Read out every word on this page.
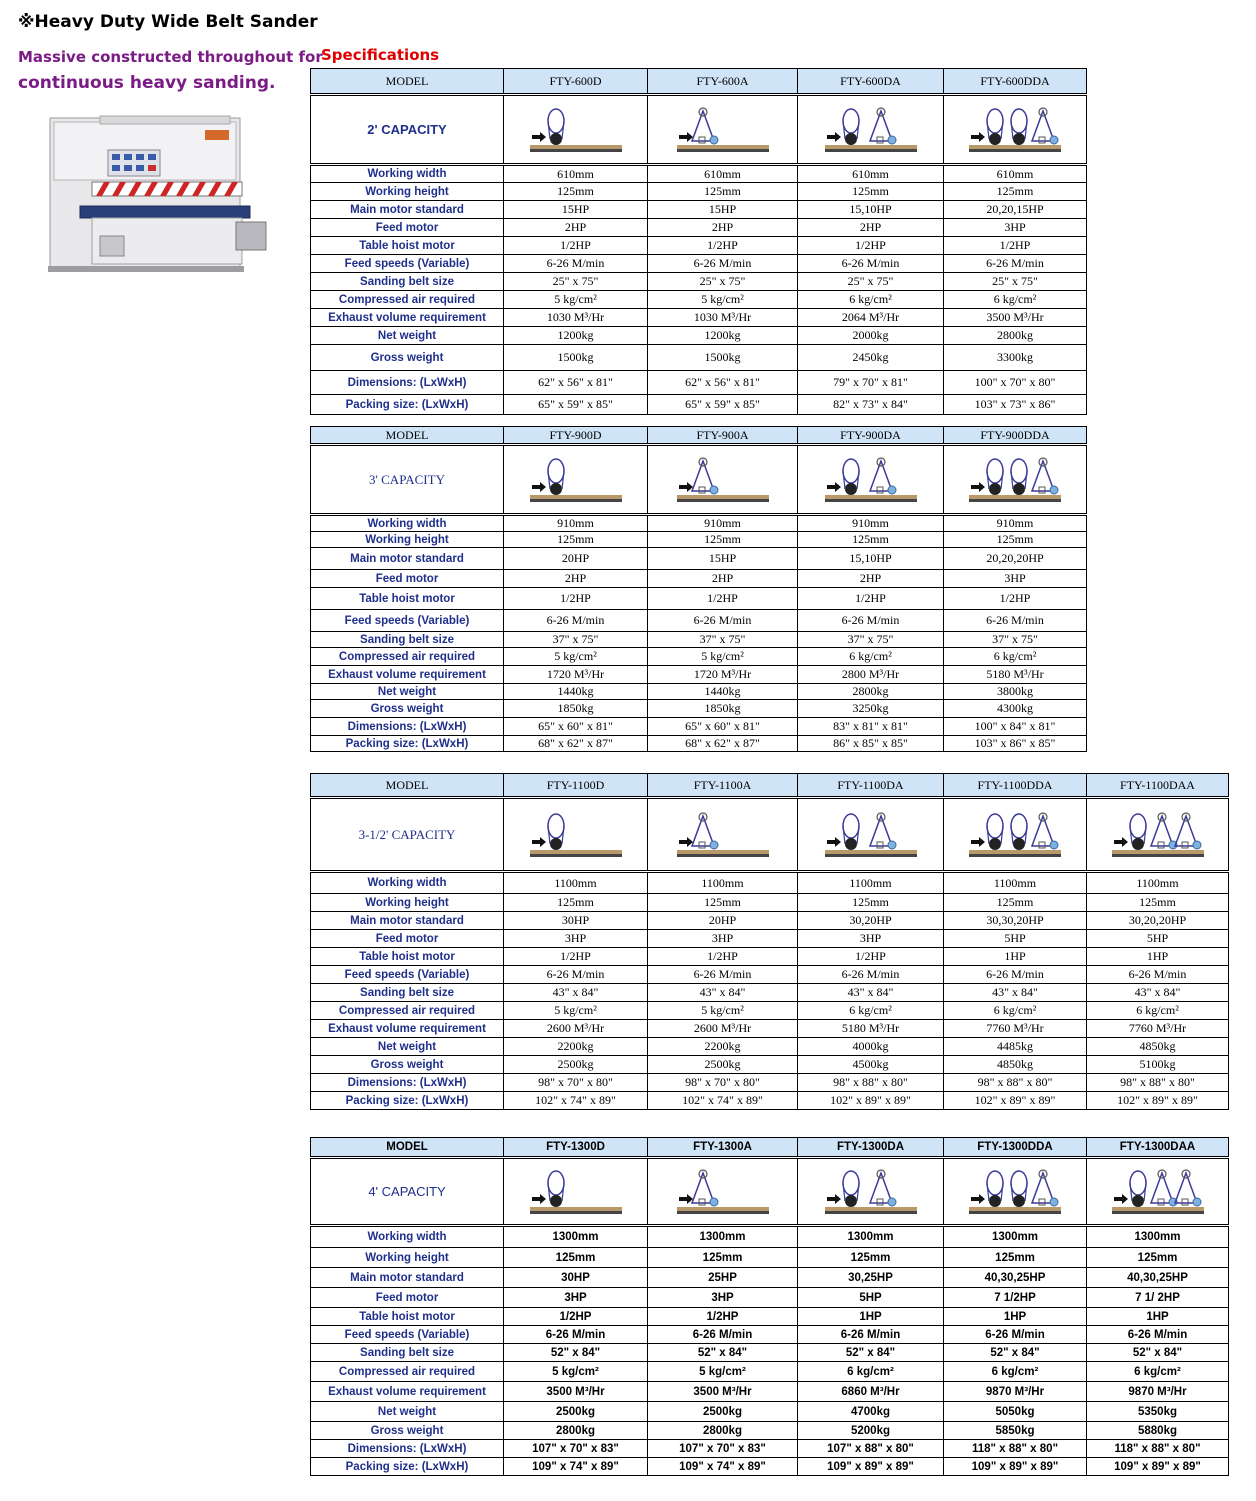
※Heavy Duty Wide Belt Sander
Massive constructed throughout for
continuous heavy sanding.
Specifications
MODEL	FTY-600D	FTY-600A	FTY-600DA	FTY-600DDA
2' CAPACITY	

Working width	610mm	610mm	610mm	610mm
Working height	125mm	125mm	125mm	125mm
Main motor standard	15HP	15HP	15,10HP	20,20,15HP
Feed motor	2HP	2HP	2HP	3HP
Table hoist motor	1/2HP	1/2HP	1/2HP	1/2HP
Feed speeds (Variable)	6-26 M/min	6-26 M/min	6-26 M/min	6-26 M/min
Sanding belt size	25" x 75"	25" x 75"	25" x 75"	25" x 75"
Compressed air required	5 kg/cm²	5 kg/cm²	6 kg/cm²	6 kg/cm²
Exhaust volume requirement	1030 M³/Hr	1030 M³/Hr	2064 M³/Hr	3500 M³/Hr
Net weight	1200kg	1200kg	2000kg	2800kg
Gross weight	1500kg	1500kg	2450kg	3300kg
Dimensions: (LxWxH)	62" x 56" x 81"	62" x 56" x 81"	79" x 70" x 81"	100" x 70" x 80"
Packing size: (LxWxH)	65" x 59" x 85"	65" x 59" x 85"	82" x 73" x 84"	103" x 73" x 86"
MODEL	FTY-900D	FTY-900A	FTY-900DA	FTY-900DDA
3' CAPACITY	

Working width	910mm	910mm	910mm	910mm
Working height	125mm	125mm	125mm	125mm
Main motor standard	20HP	15HP	15,10HP	20,20,20HP
Feed motor	2HP	2HP	2HP	3HP
Table hoist motor	1/2HP	1/2HP	1/2HP	1/2HP
Feed speeds (Variable)	6-26 M/min	6-26 M/min	6-26 M/min	6-26 M/min
Sanding belt size	37" x 75"	37" x 75"	37" x 75"	37" x 75"
Compressed air required	5 kg/cm²	5 kg/cm²	6 kg/cm²	6 kg/cm²
Exhaust volume requirement	1720 M³/Hr	1720 M³/Hr	2800 M³/Hr	5180 M³/Hr
Net weight	1440kg	1440kg	2800kg	3800kg
Gross weight	1850kg	1850kg	3250kg	4300kg
Dimensions: (LxWxH)	65" x 60" x 81"	65" x 60" x 81"	83" x 81" x 81"	100" x 84" x 81"
Packing size: (LxWxH)	68" x 62" x 87"	68" x 62" x 87"	86" x 85" x 85"	103" x 86" x 85"
MODEL	FTY-1100D	FTY-1100A	FTY-1100DA	FTY-1100DDA	FTY-1100DAA
3-1/2' CAPACITY	

Working width	1100mm	1100mm	1100mm	1100mm	1100mm
Working height	125mm	125mm	125mm	125mm	125mm
Main motor standard	30HP	20HP	30,20HP	30,30,20HP	30,20,20HP
Feed motor	3HP	3HP	3HP	5HP	5HP
Table hoist motor	1/2HP	1/2HP	1/2HP	1HP	1HP
Feed speeds (Variable)	6-26 M/min	6-26 M/min	6-26 M/min	6-26 M/min	6-26 M/min
Sanding belt size	43" x 84"	43" x 84"	43" x 84"	43" x 84"	43" x 84"
Compressed air required	5 kg/cm²	5 kg/cm²	6 kg/cm²	6 kg/cm²	6 kg/cm²
Exhaust volume requirement	2600 M³/Hr	2600 M³/Hr	5180 M³/Hr	7760 M³/Hr	7760 M³/Hr
Net weight	2200kg	2200kg	4000kg	4485kg	4850kg
Gross weight	2500kg	2500kg	4500kg	4850kg	5100kg
Dimensions: (LxWxH)	98" x 70" x 80"	98" x 70" x 80"	98" x 88" x 80"	98" x 88" x 80"	98" x 88" x 80"
Packing size: (LxWxH)	102" x 74" x 89"	102" x 74" x 89"	102" x 89" x 89"	102" x 89" x 89"	102" x 89" x 89"
MODEL	FTY-1300D	FTY-1300A	FTY-1300DA	FTY-1300DDA	FTY-1300DAA
4' CAPACITY	

Working width	1300mm	1300mm	1300mm	1300mm	1300mm
Working height	125mm	125mm	125mm	125mm	125mm
Main motor standard	30HP	25HP	30,25HP	40,30,25HP	40,30,25HP
Feed motor	3HP	3HP	5HP	7 1/2HP	7 1/ 2HP
Table hoist motor	1/2HP	1/2HP	1HP	1HP	1HP
Feed speeds (Variable)	6-26 M/min	6-26 M/min	6-26 M/min	6-26 M/min	6-26 M/min
Sanding belt size	52" x 84"	52" x 84"	52" x 84"	52" x 84"	52" x 84"
Compressed air required	5 kg/cm²	5 kg/cm²	6 kg/cm²	6 kg/cm²	6 kg/cm²
Exhaust volume requirement	3500 M³/Hr	3500 M³/Hr	6860 M³/Hr	9870 M³/Hr	9870 M³/Hr
Net weight	2500kg	2500kg	4700kg	5050kg	5350kg
Gross weight	2800kg	2800kg	5200kg	5850kg	5880kg
Dimensions: (LxWxH)	107" x 70" x 83"	107" x 70" x 83"	107" x 88" x 80"	118" x 88" x 80"	118" x 88" x 80"
Packing size: (LxWxH)	109" x 74" x 89"	109" x 74" x 89"	109" x 89" x 89"	109" x 89" x 89"	109" x 89" x 89"
